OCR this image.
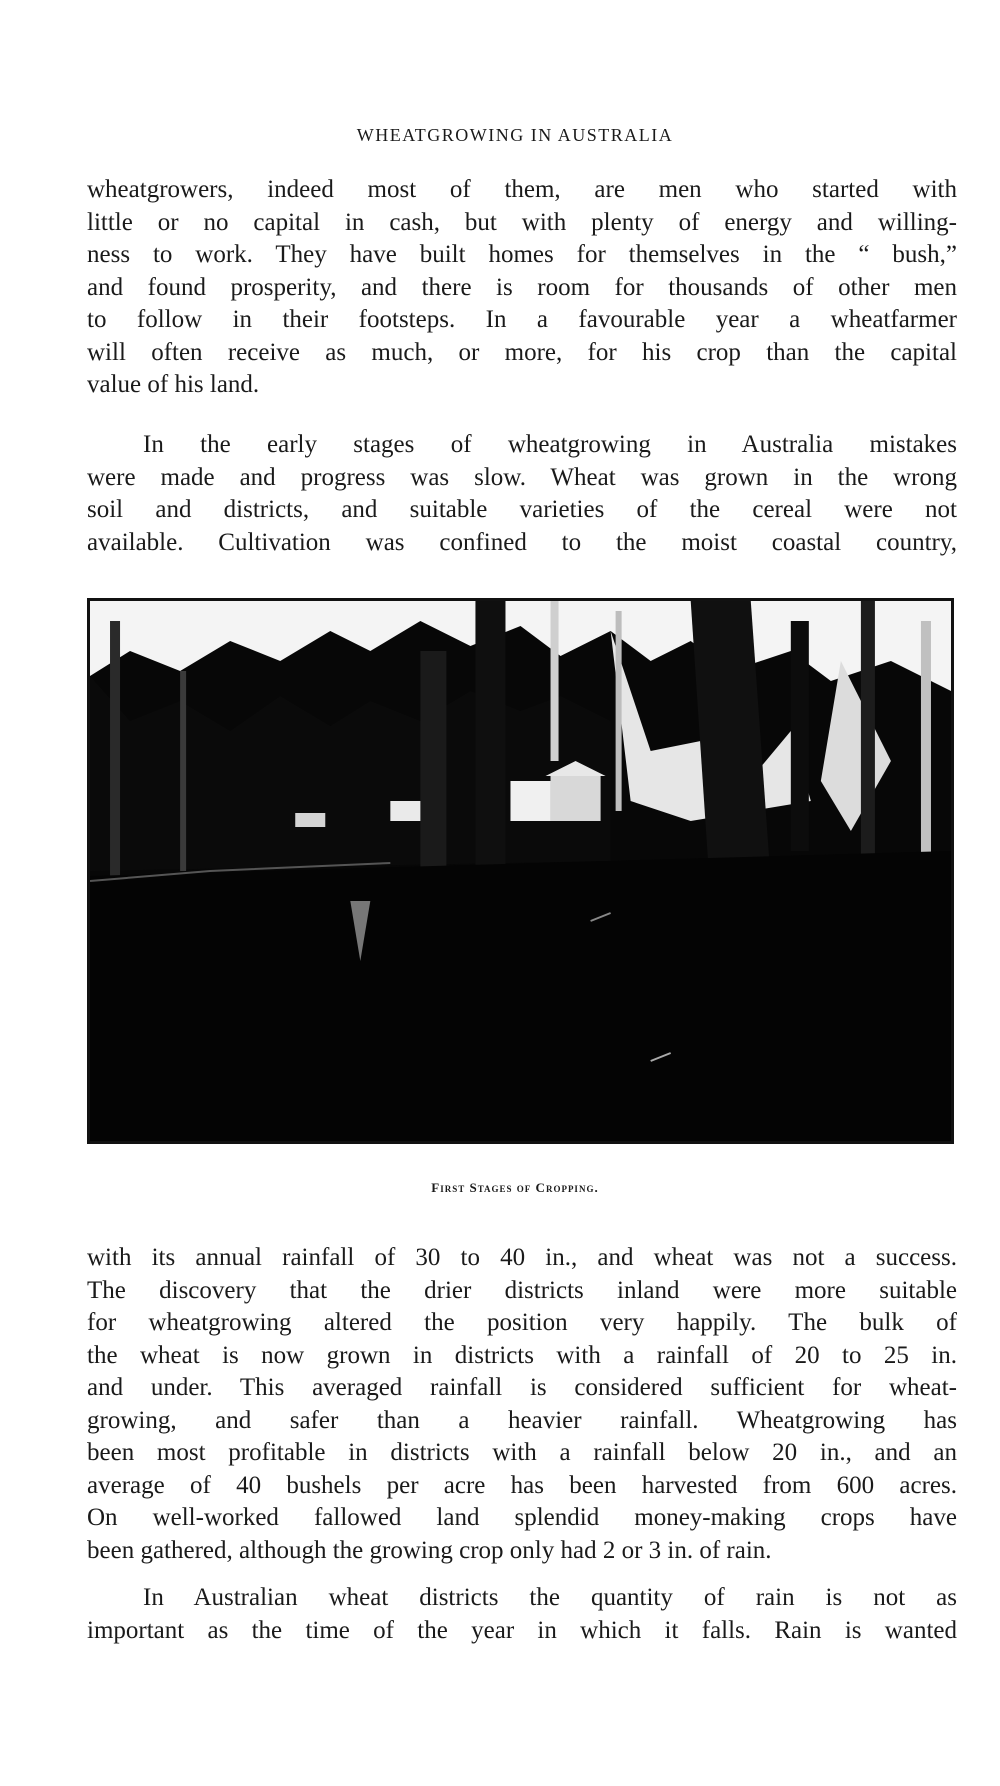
WHEATGROWING IN AUSTRALIA
wheatgrowers, indeed most of them, are men who started with
little or no capital in cash, but with plenty of energy and willing-
ness to work. They have built homes for themselves in the “ bush,”
and found prosperity, and there is room for thousands of other men
to follow in their footsteps. In a favourable year a wheatfarmer
will often receive as much, or more, for his crop than the capital
value of his land.
In the early stages of wheatgrowing in Australia mistakes
were made and progress was slow. Wheat was grown in the wrong
soil and districts, and suitable varieties of the cereal were not
available. Cultivation was confined to the moist coastal country,
First Stages of Cropping.
with its annual rainfall of 30 to 40 in., and wheat was not a success.
The discovery that the drier districts inland were more suitable
for wheatgrowing altered the position very happily. The bulk of
the wheat is now grown in districts with a rainfall of 20 to 25 in.
and under. This averaged rainfall is considered sufficient for wheat-
growing, and safer than a heavier rainfall. Wheatgrowing has
been most profitable in districts with a rainfall below 20 in., and an
average of 40 bushels per acre has been harvested from 600 acres.
On well-worked fallowed land splendid money-making crops have
been gathered, although the growing crop only had 2 or 3 in. of rain.
In Australian wheat districts the quantity of rain is not as
important as the time of the year in which it falls. Rain is wanted
